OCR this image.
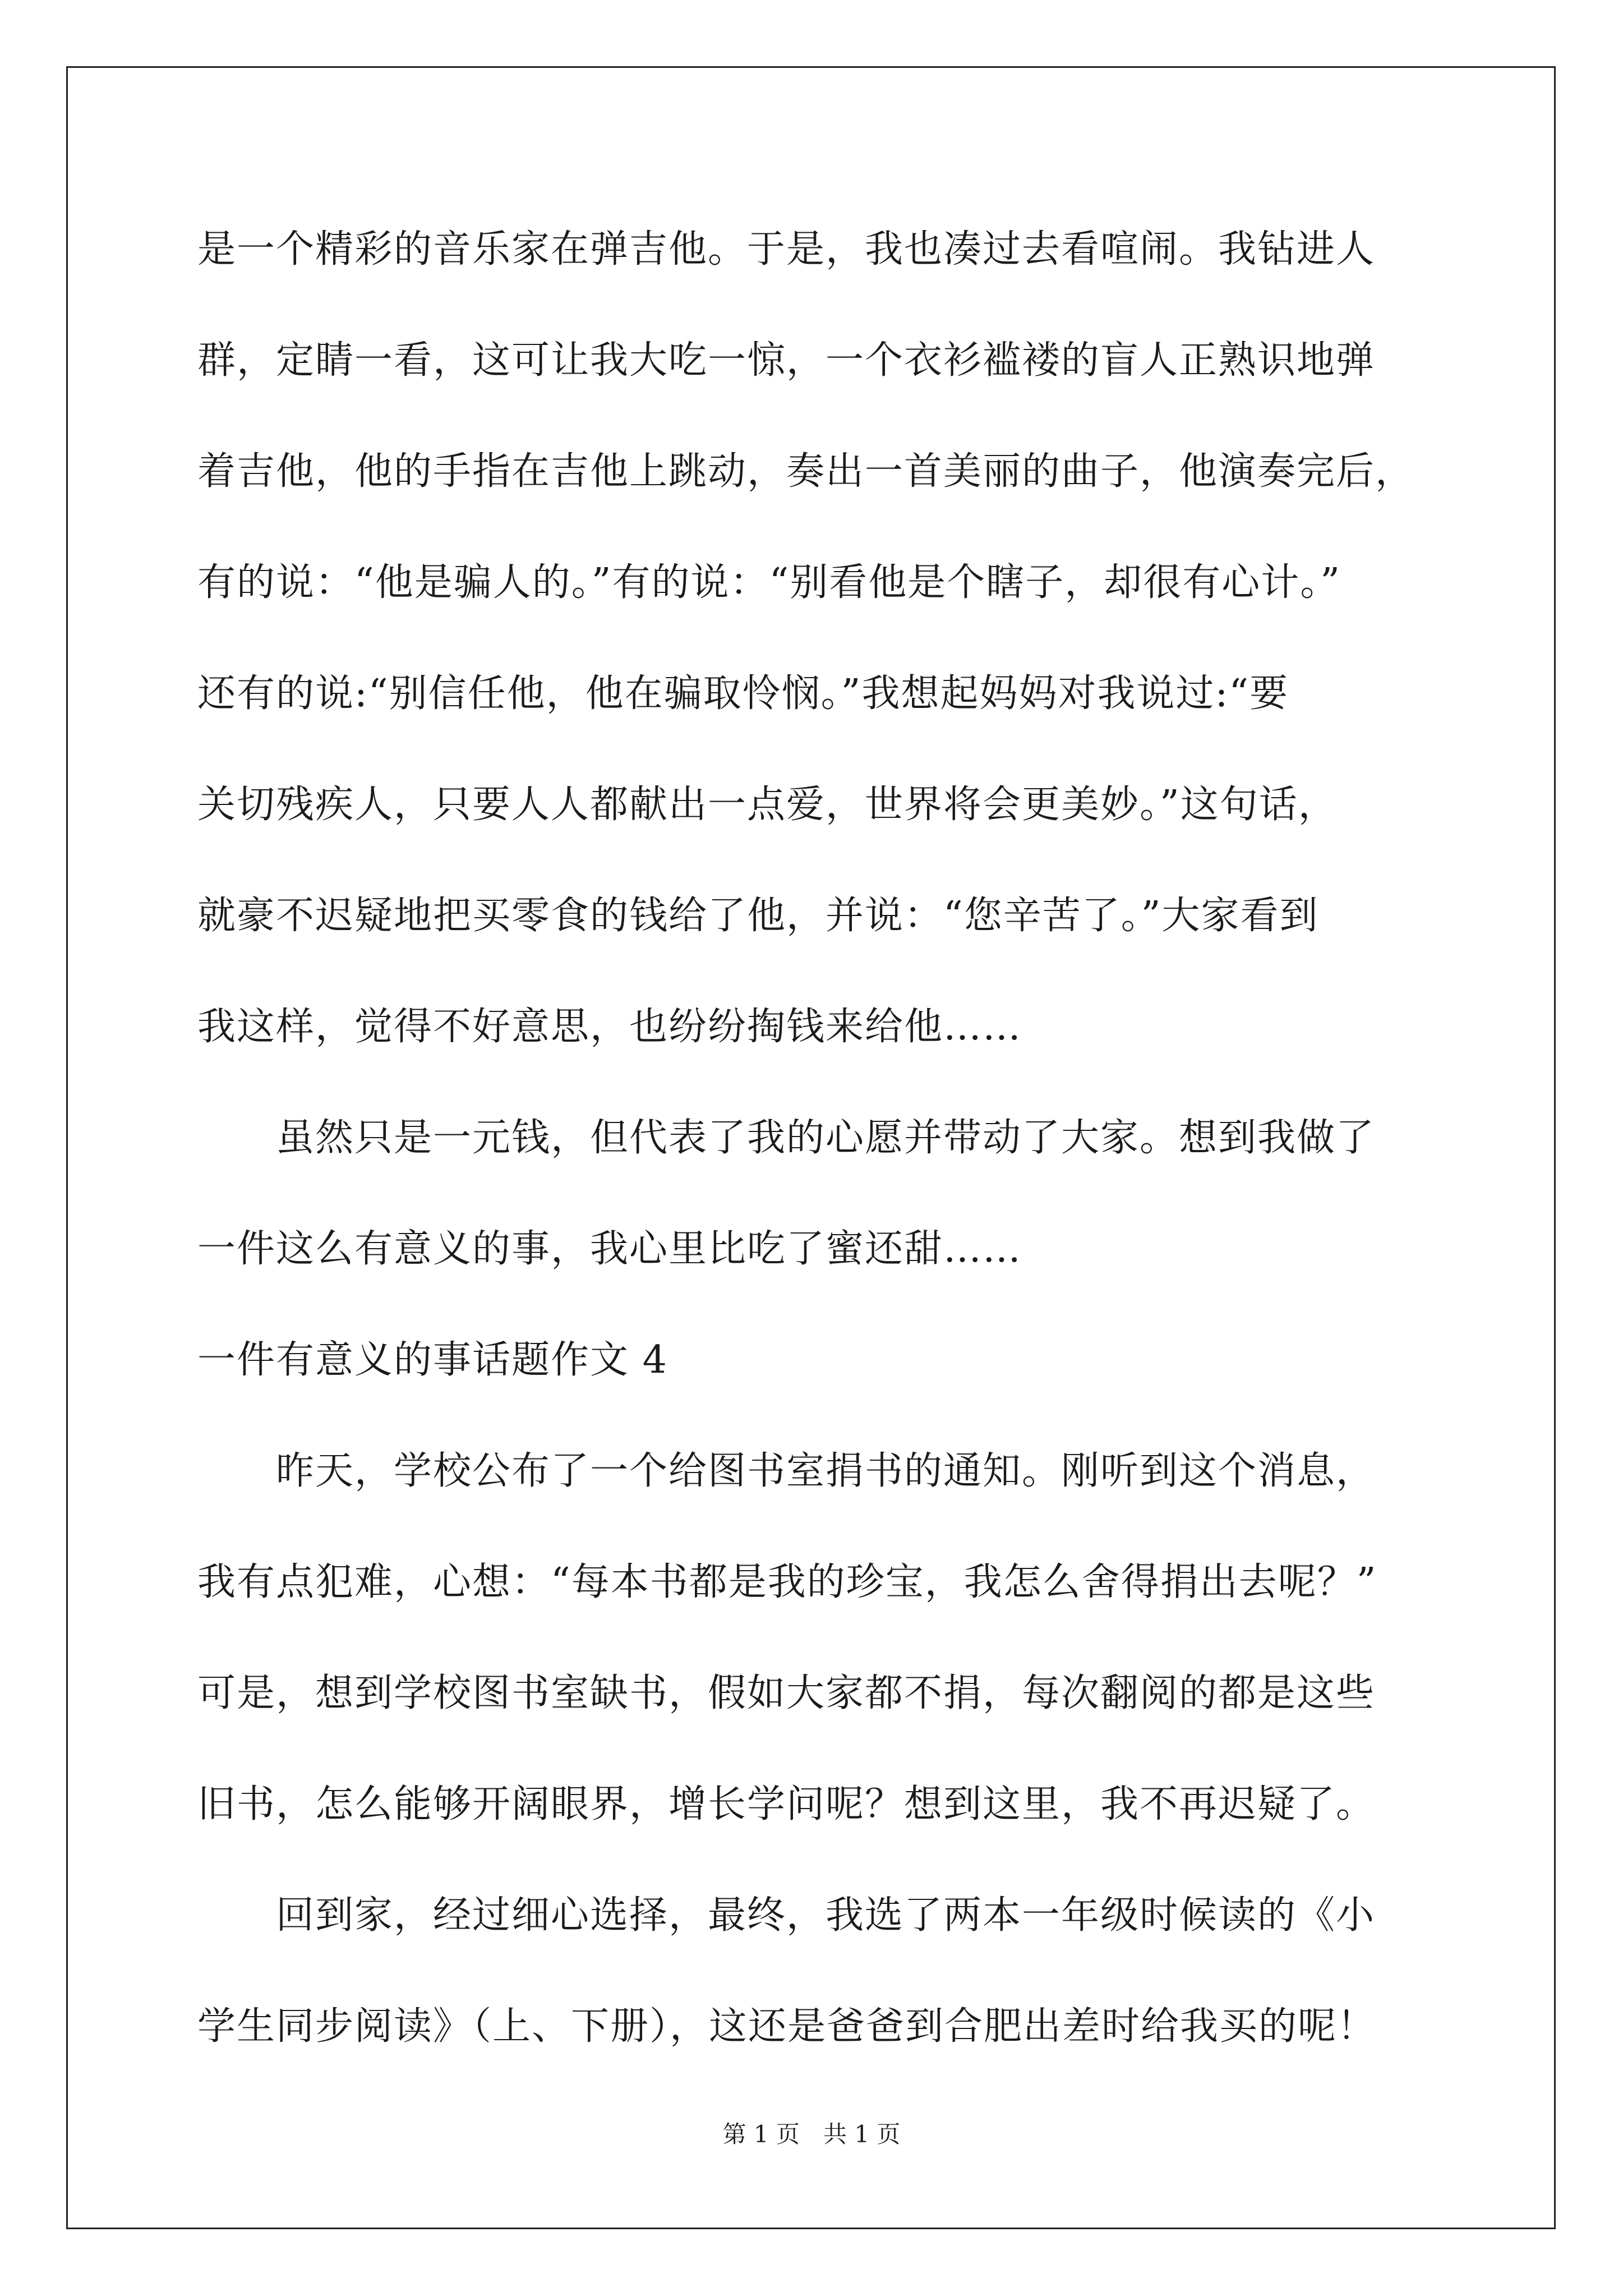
是一个精彩的音乐家在弹吉他。于是，我也凑过去看喧闹。我钻进人
群，定睛一看，这可让我大吃一惊，一个衣衫褴褛的盲人正熟识地弹
着吉他，他的手指在吉他上跳动，奏出一首美丽的曲子，他演奏完后，
有的说：“他是骗人的。”有的说：“别看他是个瞎子，却很有心计。”
还有的说:“别信任他，他在骗取怜悯。”我想起妈妈对我说过:“要
关切残疾人，只要人人都献出一点爱，世界将会更美妙。”这句话，
就豪不迟疑地把买零食的钱给了他，并说：“您辛苦了。”大家看到
我这样，觉得不好意思，也纷纷掏钱来给他……
　　虽然只是一元钱，但代表了我的心愿并带动了大家。想到我做了
一件这么有意义的事，我心里比吃了蜜还甜……
一件有意义的事话题作文 4
　　昨天，学校公布了一个给图书室捐书的通知。刚听到这个消息，
我有点犯难，心想：“每本书都是我的珍宝，我怎么舍得捐出去呢？”
可是，想到学校图书室缺书，假如大家都不捐，每次翻阅的都是这些
旧书，怎么能够开阔眼界，增长学问呢？想到这里，我不再迟疑了。
　　回到家，经过细心选择，最终，我选了两本一年级时候读的《小
学生同步阅读》（上、下册），这还是爸爸到合肥出差时给我买的呢！
第 1 页　共 1 页
